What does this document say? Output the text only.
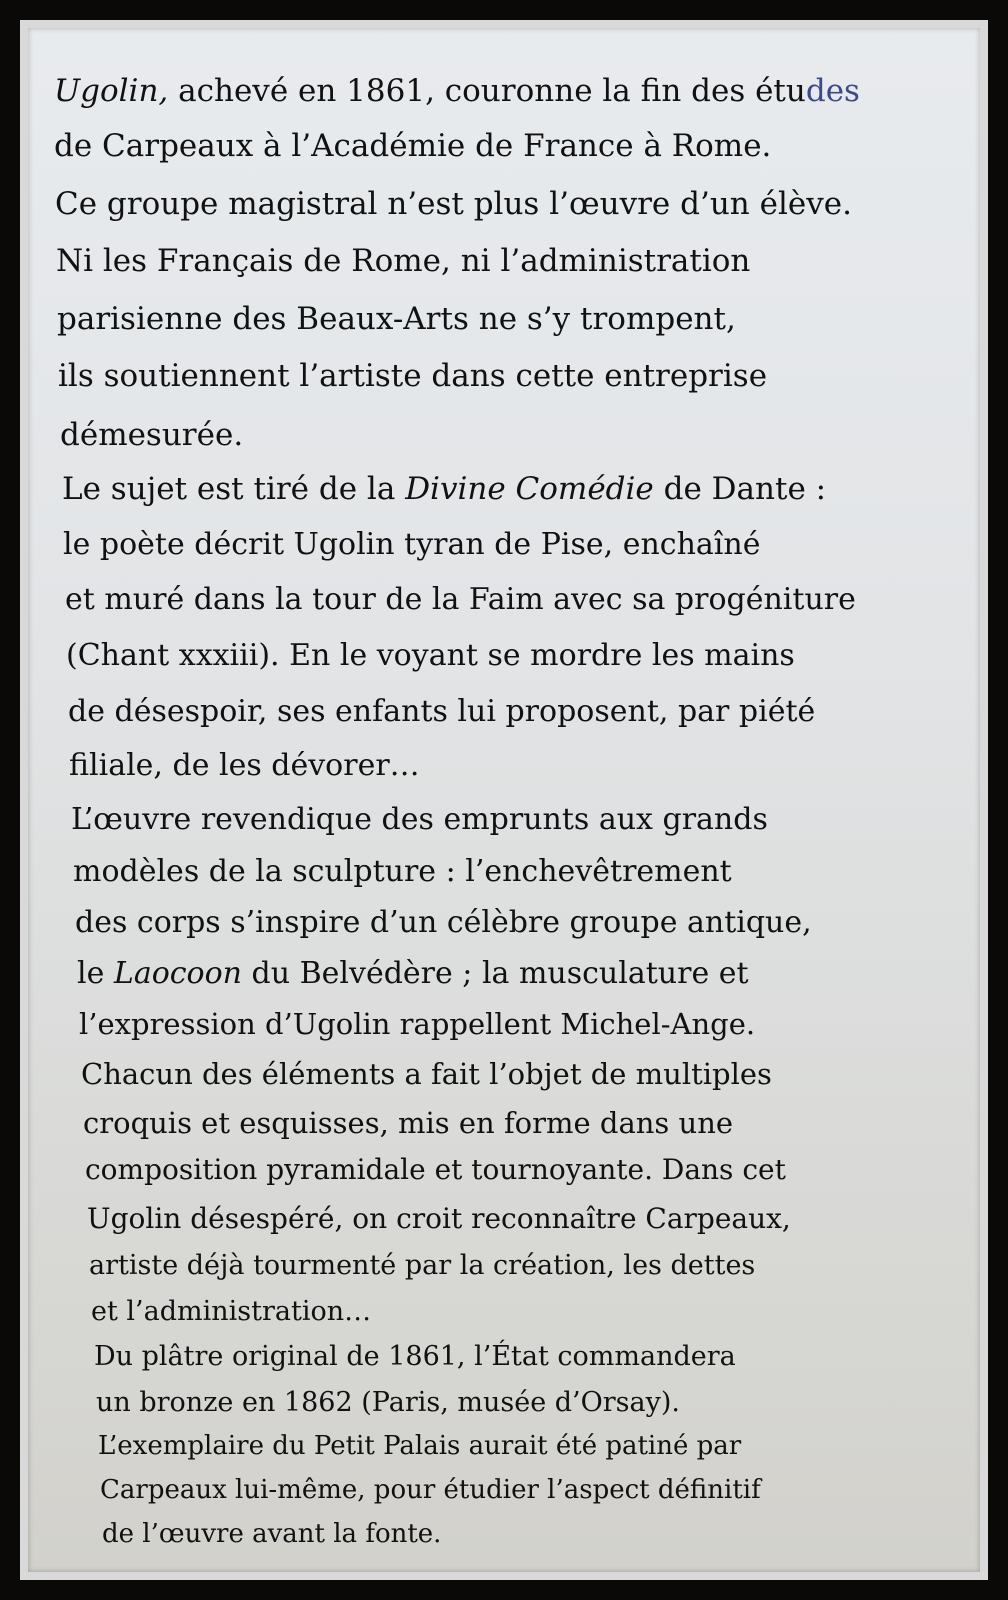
Ugolin, achevé en 1861, couronne la fin des études
de Carpeaux à l’Académie de France à Rome.
Ce groupe magistral n’est plus l’œuvre d’un élève.
Ni les Français de Rome, ni l’administration
parisienne des Beaux-Arts ne s’y trompent,
ils soutiennent l’artiste dans cette entreprise
démesurée.
Le sujet est tiré de la Divine Comédie de Dante :
le poète décrit Ugolin tyran de Pise, enchaîné
et muré dans la tour de la Faim avec sa progéniture
(Chant xxxiii). En le voyant se mordre les mains
de désespoir, ses enfants lui proposent, par piété
filiale, de les dévorer…
L’œuvre revendique des emprunts aux grands
modèles de la sculpture : l’enchevêtrement
des corps s’inspire d’un célèbre groupe antique,
le Laocoon du Belvédère ; la musculature et
l’expression d’Ugolin rappellent Michel-Ange.
Chacun des éléments a fait l’objet de multiples
croquis et esquisses, mis en forme dans une
composition pyramidale et tournoyante. Dans cet
Ugolin désespéré, on croit reconnaître Carpeaux,
artiste déjà tourmenté par la création, les dettes
et l’administration…
Du plâtre original de 1861, l’État commandera
un bronze en 1862 (Paris, musée d’Orsay).
L’exemplaire du Petit Palais aurait été patiné par
Carpeaux lui-même, pour étudier l’aspect définitif
de l’œuvre avant la fonte.
